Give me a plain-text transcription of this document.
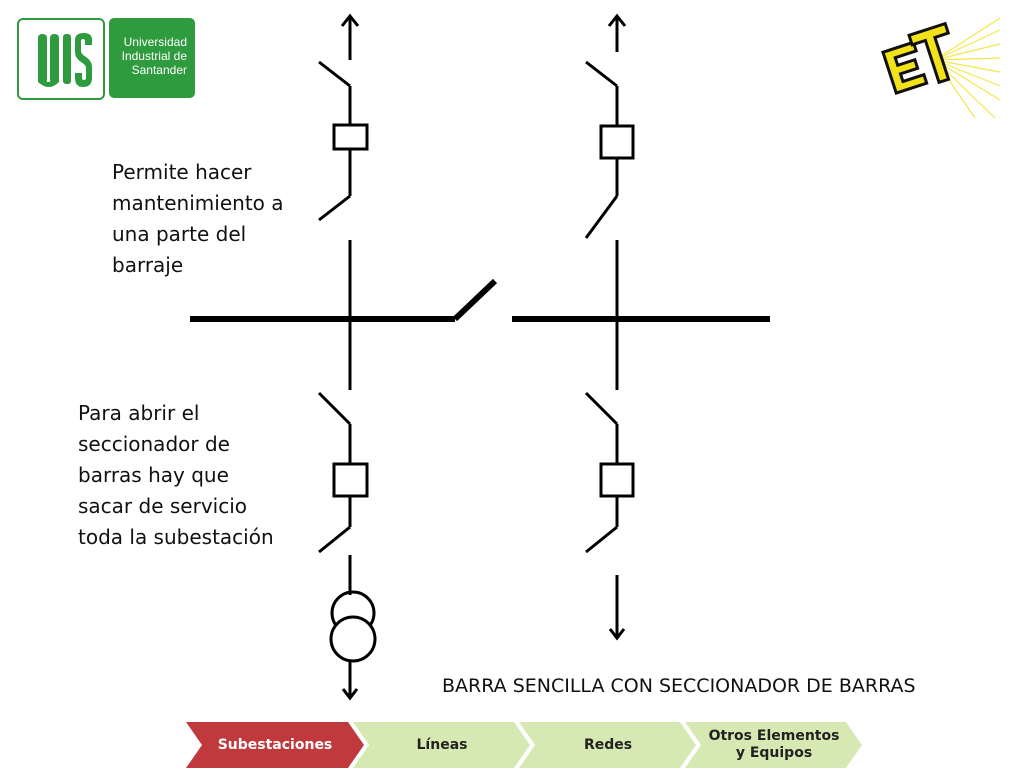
Universidad
Industrial de
Santander
Permite hacer
mantenimiento a
una parte del
barraje
Para abrir el
seccionador de
barras hay que
sacar de servicio
toda la subestación
BARRA SENCILLA CON SECCIONADOR DE BARRAS
Subestaciones	Líneas	Redes
Otros Elementos
y Equipos
